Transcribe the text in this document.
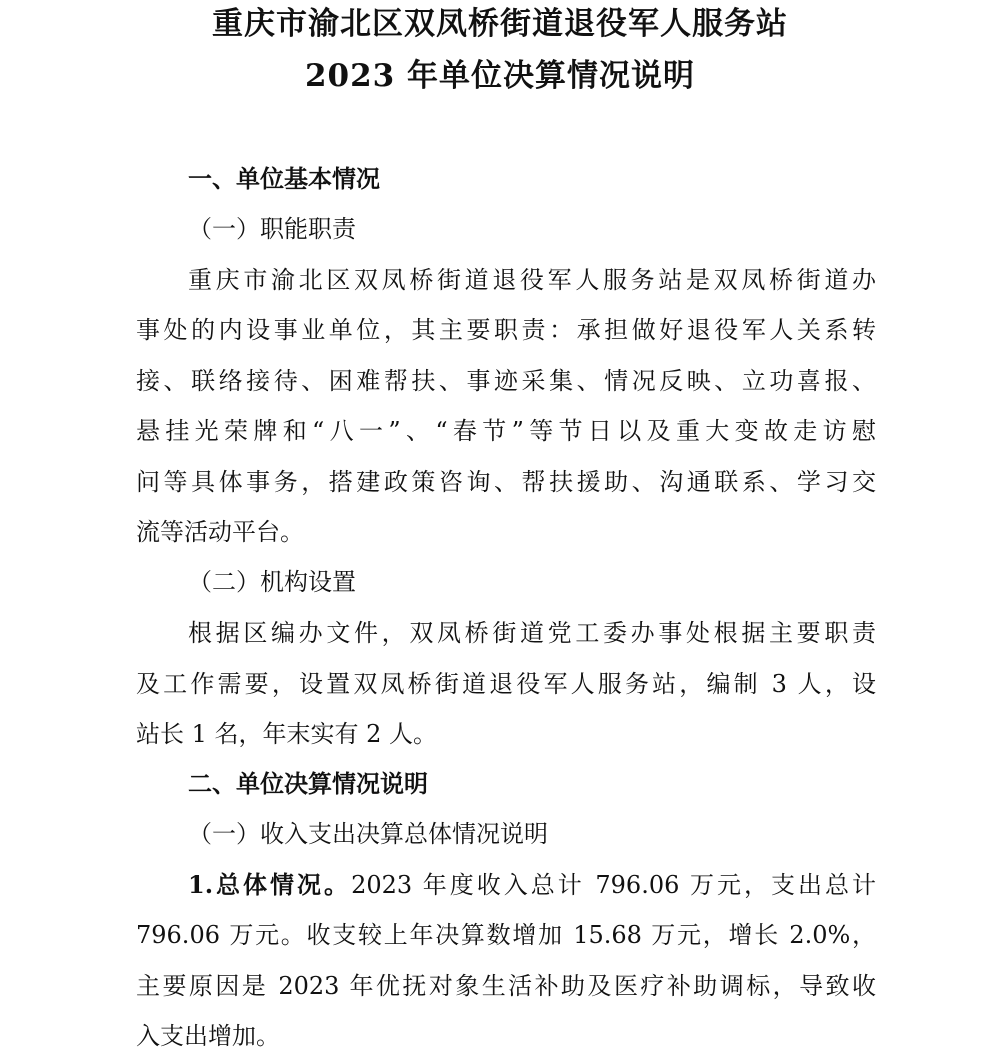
重庆市渝北区双凤桥街道退役军人服务站
2023 年单位决算情况说明
一、单位基本情况
（一）职能职责
重庆市渝北区双凤桥街道退役军人服务站是双凤桥街道办
事处的内设事业单位，其主要职责：承担做好退役军人关系转
接、联络接待、困难帮扶、事迹采集、情况反映、立功喜报、
悬挂光荣牌和“八一”、“春节”等节日以及重大变故走访慰
问等具体事务，搭建政策咨询、帮扶援助、沟通联系、学习交
流等活动平台。
（二）机构设置
根据区编办文件，双凤桥街道党工委办事处根据主要职责
及工作需要，设置双凤桥街道退役军人服务站，编制 3 人，设
站长 1 名，年末实有 2 人。
二、单位决算情况说明
（一）收入支出决算总体情况说明
1.总体情况。2023 年度收入总计 796.06 万元，支出总计
796.06 万元。收支较上年决算数增加 15.68 万元，增长 2.0%，
主要原因是 2023 年优抚对象生活补助及医疗补助调标，导致收
入支出增加。
